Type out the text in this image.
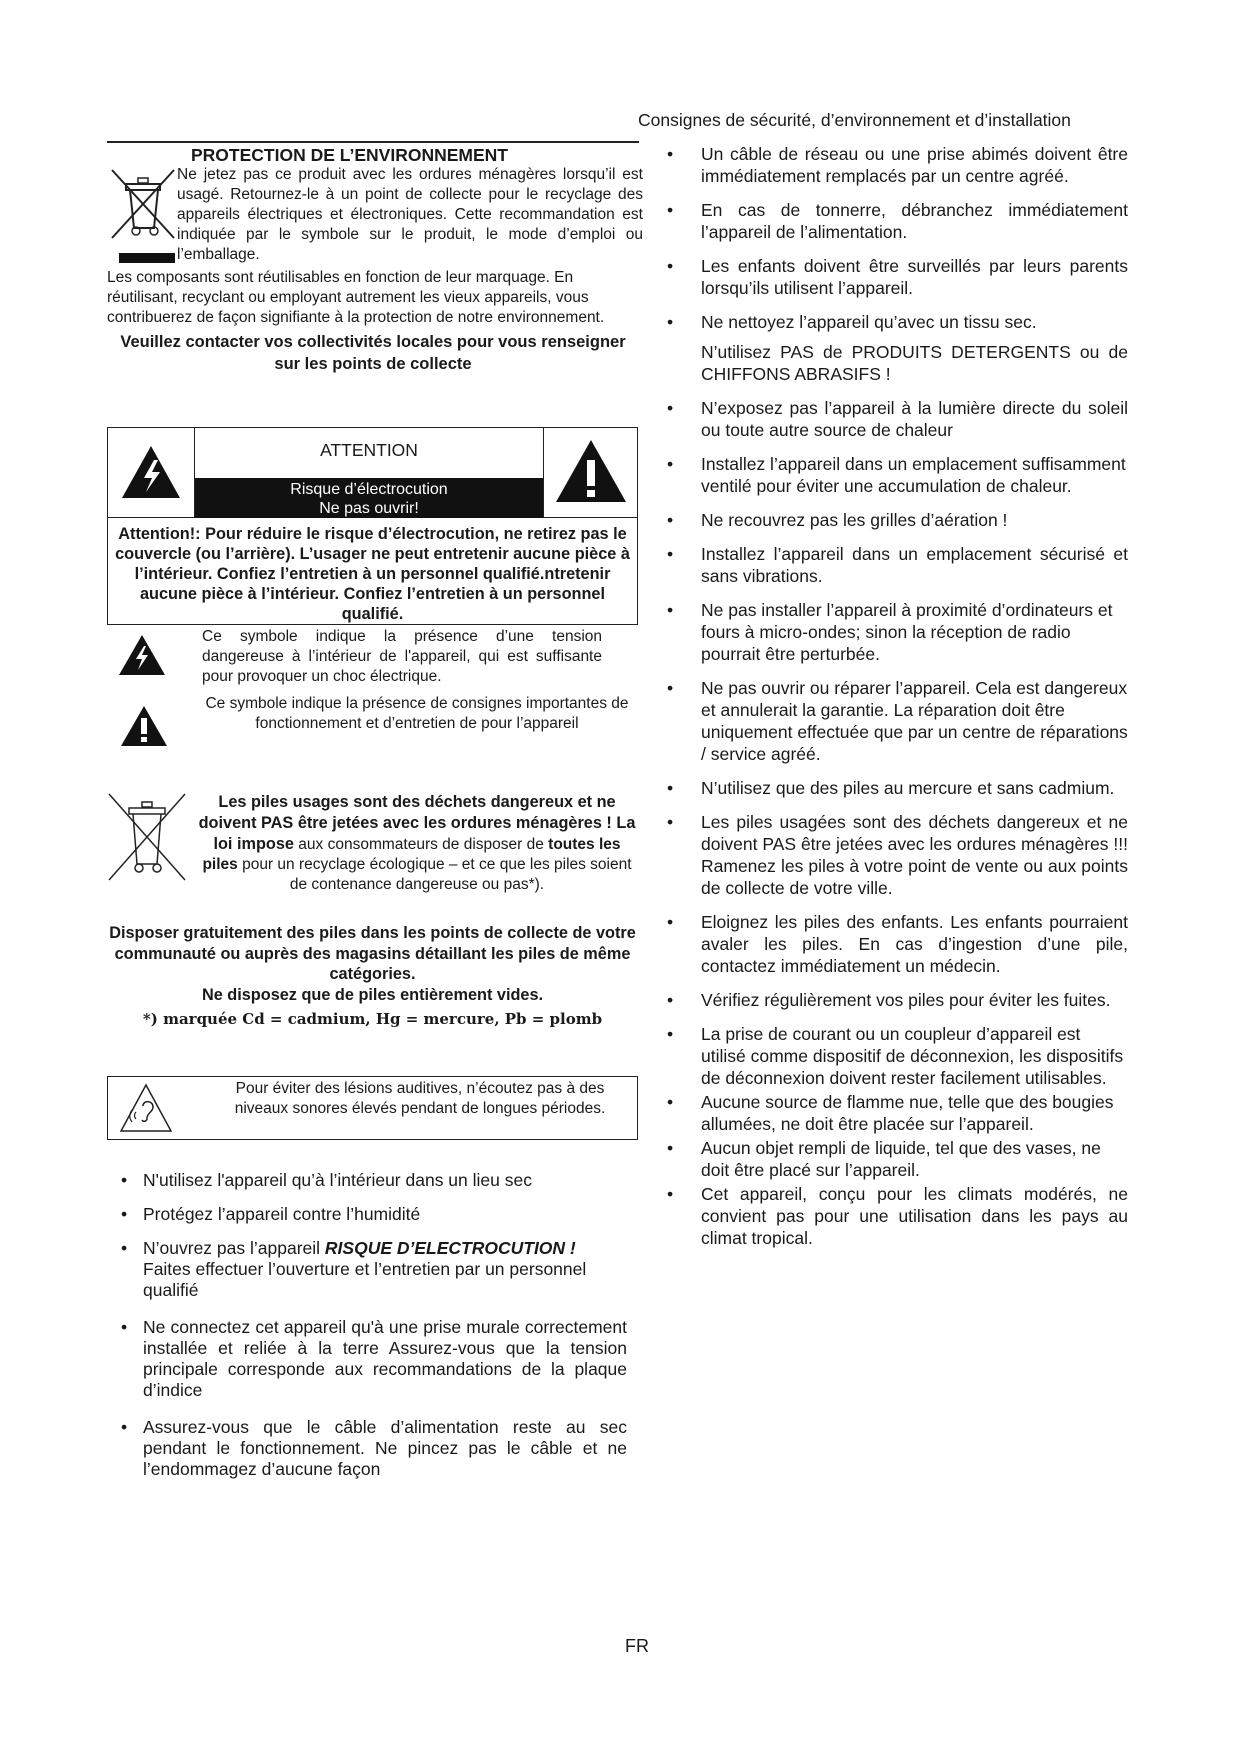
Consignes de sécurité, d’environnement et d’installation
PROTECTION DE L’ENVIRONNEMENT
Ne jetez pas ce produit avec les ordures ménagères lorsqu’il est usagé. Retournez-le à un point de collecte pour le recyclage des appareils électriques et électroniques. Cette recommandation est indiquée par le symbole sur le produit, le mode d’emploi ou l’emballage.
Les composants sont réutilisables en fonction de leur marquage. En réutilisant, recyclant ou employant autrement les vieux appareils, vous contribuerez de façon signifiante à la protection de notre environnement.
Veuillez contacter vos collectivités locales pour vous renseigner sur les points de collecte
ATTENTION
Risque d’électrocution
Ne pas ouvrir!
Attention!: Pour réduire le risque d’électrocution, ne retirez pas le couvercle (ou l’arrière). L’usager ne peut entretenir aucune pièce à l’intérieur. Confiez l’entretien à un personnel qualifié.ntretenir aucune pièce à l’intérieur. Confiez l’entretien à un personnel qualifié.
Ce symbole indique la présence d’une tension dangereuse à l’intérieur de l'appareil, qui est suffisante pour provoquer un choc électrique.
Ce symbole indique la présence de consignes importantes de fonctionnement et d’entretien de pour l’appareil
Les piles usages sont des déchets dangereux et ne doivent PAS être jetées avec les ordures ménagères ! La loi impose aux consommateurs de disposer de toutes les piles pour un recyclage écologique – et ce que les piles soient de contenance dangereuse ou pas*).
Disposer gratuitement des piles dans les points de collecte de votre communauté ou auprès des magasins détaillant les piles de même catégories.
Ne disposez que de piles entièrement vides.
*) marquée Cd = cadmium, Hg = mercure, Pb = plomb
Pour éviter des lésions auditives, n’écoutez pas à des niveaux sonores élevés pendant de longues périodes.
• N'utilisez l'appareil qu’à l’intérieur dans un lieu sec
• Protégez l’appareil contre l’humidité
• N’ouvrez pas l’appareil RISQUE D’ELECTROCUTION ! Faites effectuer l’ouverture et l’entretien par un personnel qualifié
• Ne connectez cet appareil qu'à une prise murale correctement installée et reliée à la terre Assurez-vous que la tension principale corresponde aux recommandations de la plaque d’indice
• Assurez-vous que le câble d’alimentation reste au sec pendant le fonctionnement. Ne pincez pas le câble et ne l’endommagez d’aucune façon
• Un câble de réseau ou une prise abimés doivent être immédiatement remplacés par un centre agréé.
• En cas de tonnerre, débranchez immédiatement l’appareil de l’alimentation.
• Les enfants doivent être surveillés par leurs parents lorsqu’ils utilisent l’appareil.
• Ne nettoyez l’appareil qu’avec un tissu sec.
N’utilisez PAS de PRODUITS DETERGENTS ou de CHIFFONS ABRASIFS !
• N’exposez pas l’appareil à la lumière directe du soleil ou toute autre source de chaleur
• Installez l’appareil dans un emplacement suffisamment ventilé pour éviter une accumulation de chaleur.
• Ne recouvrez pas les grilles d’aération !
• Installez l’appareil dans un emplacement sécurisé et sans vibrations.
• Ne pas installer l’appareil à proximité d’ordinateurs et fours à micro-ondes; sinon la réception de radio pourrait être perturbée.
• Ne pas ouvrir ou réparer l’appareil. Cela est dangereux et annulerait la garantie. La réparation doit être uniquement effectuée que par un centre de réparations / service agréé.
• N’utilisez que des piles au mercure et sans cadmium.
• Les piles usagées sont des déchets dangereux et ne doivent PAS être jetées avec les ordures ménagères !!! Ramenez les piles à votre point de vente ou aux points de collecte de votre ville.
• Eloignez les piles des enfants. Les enfants pourraient avaler les piles. En cas d’ingestion d’une pile, contactez immédiatement un médecin.
• Vérifiez régulièrement vos piles pour éviter les fuites.
• La prise de courant ou un coupleur d’appareil est utilisé comme dispositif de déconnexion, les dispositifs de déconnexion doivent rester facilement utilisables.
• Aucune source de flamme nue, telle que des bougies allumées, ne doit être placée sur l’appareil.
• Aucun objet rempli de liquide, tel que des vases, ne doit être placé sur l’appareil.
• Cet appareil, conçu pour les climats modérés, ne convient pas pour une utilisation dans les pays au climat tropical.
FR
